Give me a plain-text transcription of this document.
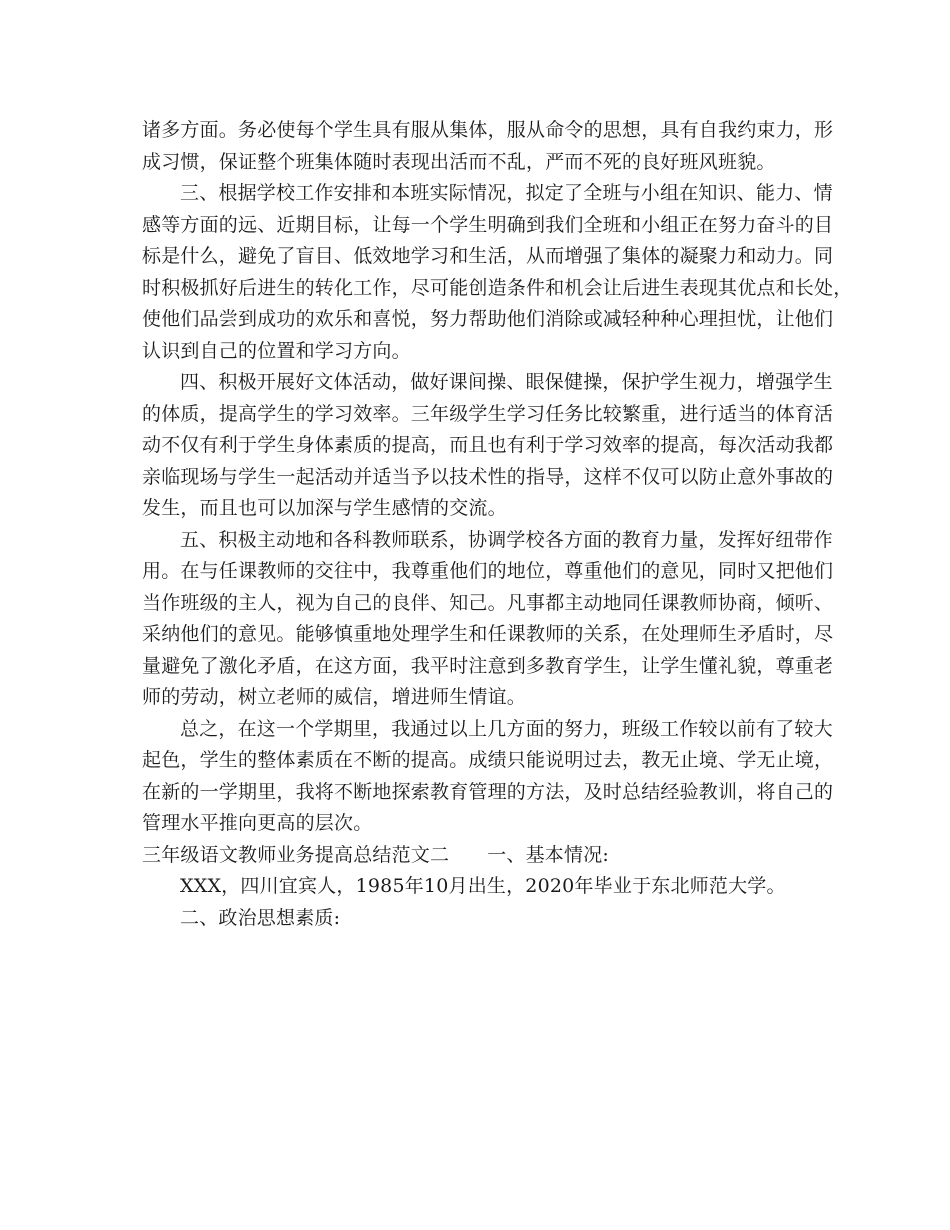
诸多方面。务必使每个学生具有服从集体，服从命令的思想，具有自我约束力，形
成习惯，保证整个班集体随时表现出活而不乱，严而不死的良好班风班貌。
三、根据学校工作安排和本班实际情况，拟定了全班与小组在知识、能力、情
感等方面的远、近期目标，让每一个学生明确到我们全班和小组正在努力奋斗的目
标是什么，避免了盲目、低效地学习和生活，从而增强了集体的凝聚力和动力。同
时积极抓好后进生的转化工作，尽可能创造条件和机会让后进生表现其优点和长处，
使他们品尝到成功的欢乐和喜悦，努力帮助他们消除或减轻种种心理担忧，让他们
认识到自己的位置和学习方向。
四、积极开展好文体活动，做好课间操、眼保健操，保护学生视力，增强学生
的体质，提高学生的学习效率。三年级学生学习任务比较繁重，进行适当的体育活
动不仅有利于学生身体素质的提高，而且也有利于学习效率的提高，每次活动我都
亲临现场与学生一起活动并适当予以技术性的指导，这样不仅可以防止意外事故的
发生，而且也可以加深与学生感情的交流。
五、积极主动地和各科教师联系，协调学校各方面的教育力量，发挥好纽带作
用。在与任课教师的交往中，我尊重他们的地位，尊重他们的意见，同时又把他们
当作班级的主人，视为自己的良伴、知己。凡事都主动地同任课教师协商，倾听、
采纳他们的意见。能够慎重地处理学生和任课教师的关系，在处理师生矛盾时，尽
量避免了激化矛盾，在这方面，我平时注意到多教育学生，让学生懂礼貌，尊重老
师的劳动，树立老师的威信，增进师生情谊。
总之，在这一个学期里，我通过以上几方面的努力，班级工作较以前有了较大
起色，学生的整体素质在不断的提高。成绩只能说明过去，教无止境、学无止境，
在新的一学期里，我将不断地探索教育管理的方法，及时总结经验教训，将自己的
管理水平推向更高的层次。
三年级语文教师业务提高总结范文二 一、基本情况:
XXX，四川宜宾人，1985年10月出生，2020年毕业于东北师范大学。
二、政治思想素质:
